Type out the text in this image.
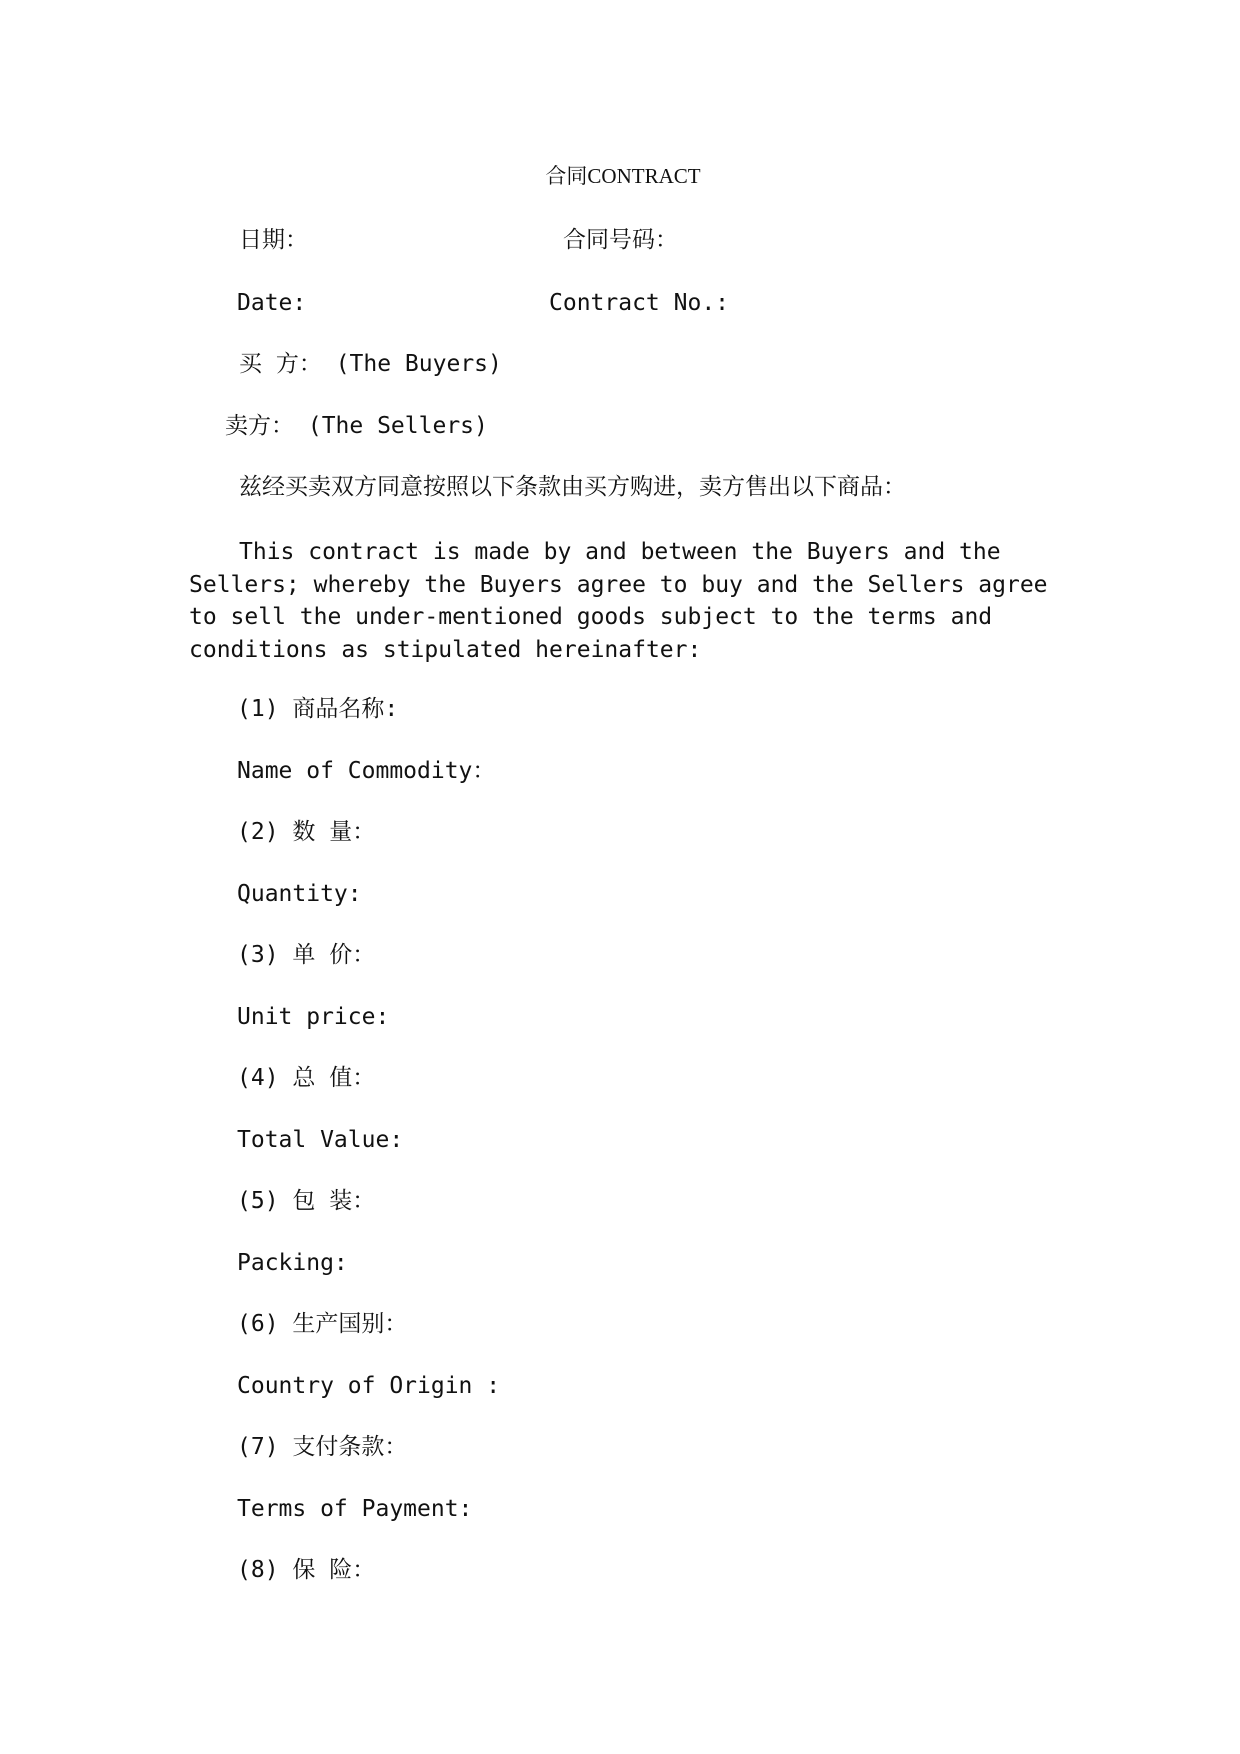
合同CONTRACT

日期：	合同号码：

Date:	Contract No.:

买 方： (The Buyers)

卖方： (The Sellers)

兹经买卖双方同意按照以下条款由买方购进，卖方售出以下商品：

This contract is made by and between the Buyers and the Sellers; whereby the Buyers agree to buy and the Sellers agree to sell the under-mentioned goods subject to the terms and conditions as stipulated hereinafter:

(1) 商品名称:

Name of Commodity：

(2) 数 量：

Quantity:

(3) 单 价：

Unit price:

(4) 总 值：

Total Value:

(5) 包 装：

Packing:

(6) 生产国别：

Country of Origin :

(7) 支付条款：

Terms of Payment:

(8) 保 险：
